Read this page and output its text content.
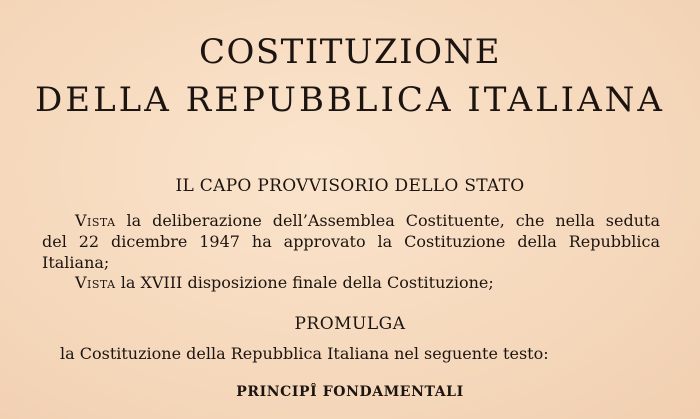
COSTITUZIONE
DELLA REPUBBLICA ITALIANA
IL CAPO PROVVISORIO DELLO STATO

Vista la deliberazione dell’Assemblea Costituente, che nella seduta
del 22 dicembre 1947 ha approvato la Costituzione della Repubblica
Italiana;

Vista la XVIII disposizione finale della Costituzione;

PROMULGA
la Costituzione della Repubblica Italiana nel seguente testo:
PRINCIPÎ FONDAMENTALI
